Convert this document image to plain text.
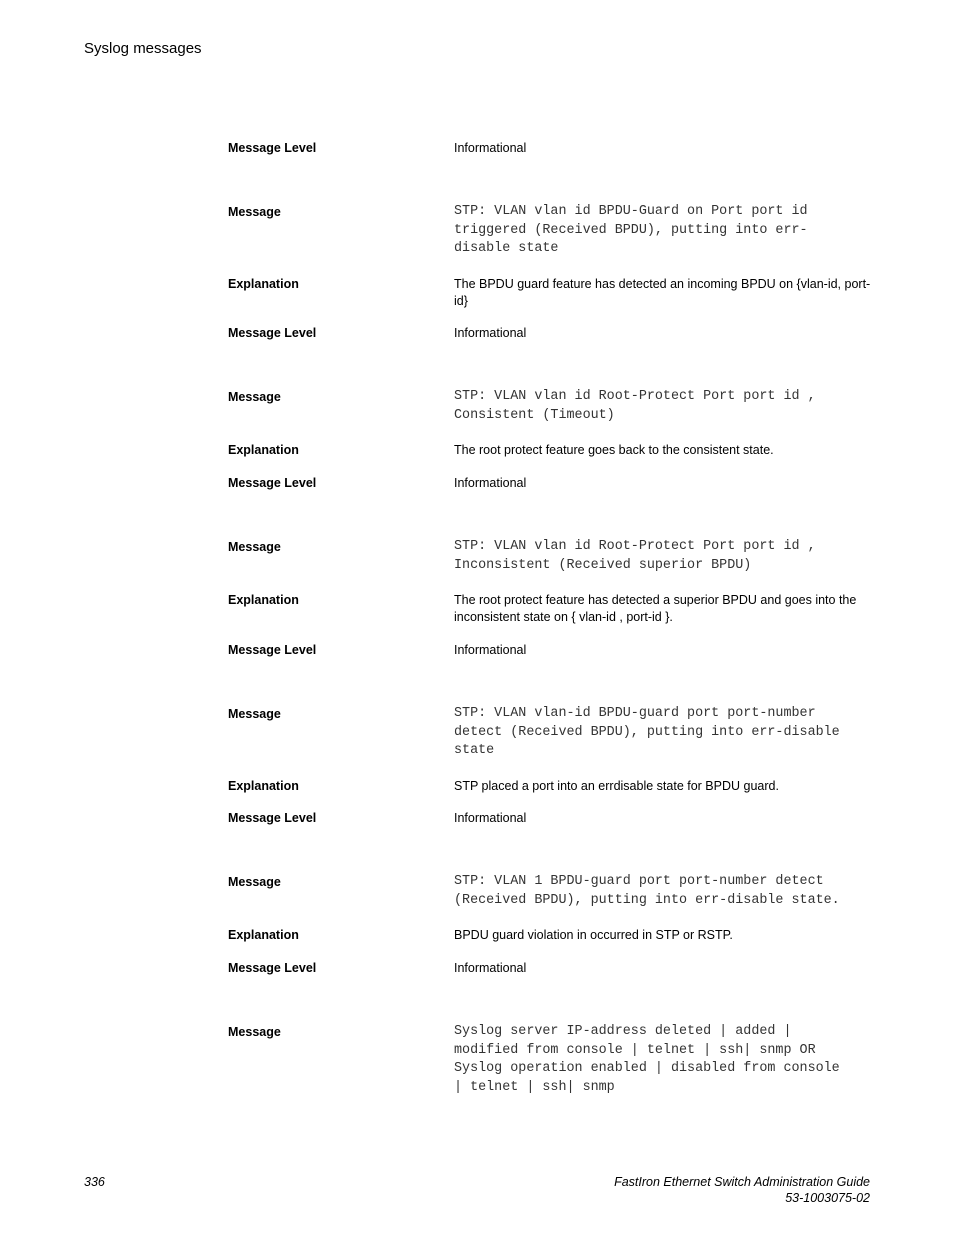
Syslog messages
Message Level	Informational
Message	STP: VLAN vlan id BPDU-Guard on Port port id
triggered (Received BPDU), putting into err-
disable state
Explanation	The BPDU guard feature has detected an incoming BPDU on {vlan-id, port-
id}
Message Level	Informational
Message	STP: VLAN vlan id Root-Protect Port port id ,
Consistent (Timeout)
Explanation	The root protect feature goes back to the consistent state.
Message Level	Informational
Message	STP: VLAN vlan id Root-Protect Port port id ,
Inconsistent (Received superior BPDU)
Explanation	The root protect feature has detected a superior BPDU and goes into the
inconsistent state on { vlan-id , port-id }.
Message Level	Informational
Message	STP: VLAN vlan-id BPDU-guard port port-number
detect (Received BPDU), putting into err-disable
state
Explanation	STP placed a port into an errdisable state for BPDU guard.
Message Level	Informational
Message	STP: VLAN 1 BPDU-guard port port-number detect
(Received BPDU), putting into err-disable state.
Explanation	BPDU guard violation in occurred in STP or RSTP.
Message Level	Informational
Message	Syslog server IP-address deleted | added |
modified from console | telnet | ssh| snmp OR
Syslog operation enabled | disabled from console
| telnet | ssh| snmp
336	FastIron Ethernet Switch Administration Guide
53-1003075-02
